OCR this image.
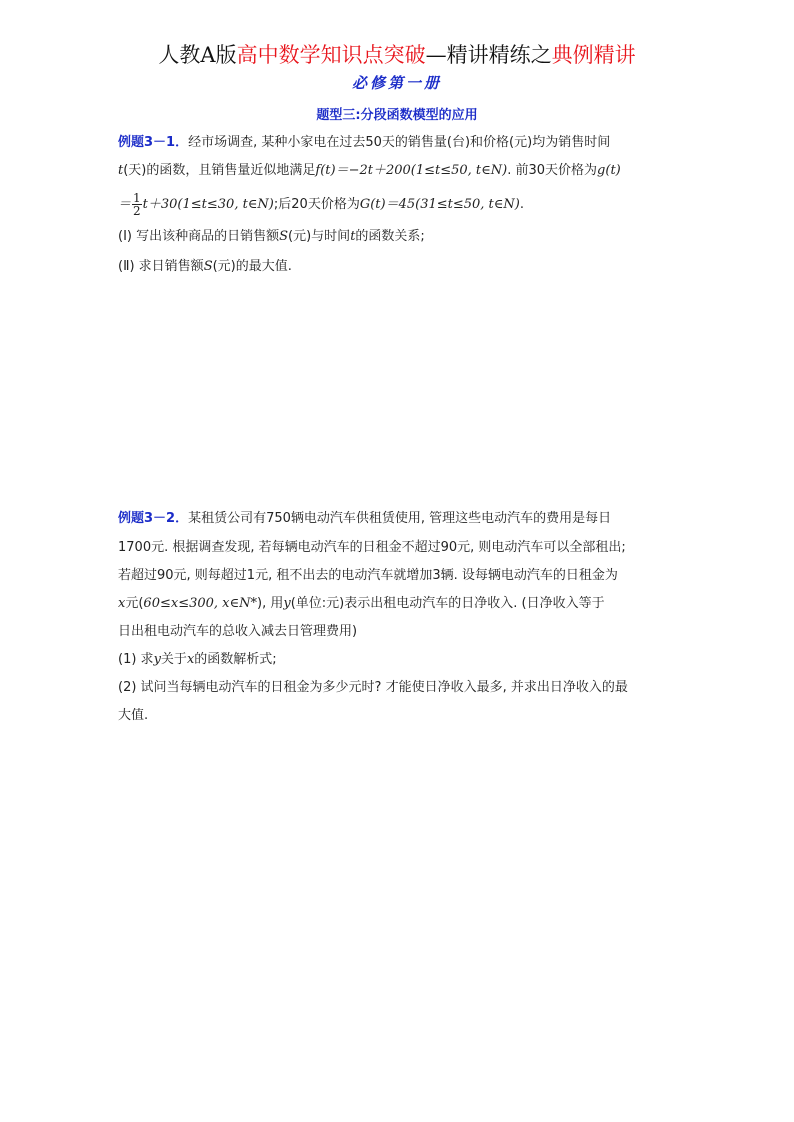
人教A版高中数学知识点突破—精讲精练之典例精讲
必修第一册
题型三:分段函数模型的应用
例题3－1．经市场调查, 某种小家电在过去50天的销售量(台)和价格(元)均为销售时间
t(天)的函数，且销售量近似地满足f(t)＝−2t＋200(1≤t≤50, t∈N). 前30天价格为g(t)
＝ $\frac{1}{2} t+30(1\le t\le 30$, t∈N);后20天价格为G(t)＝45(31≤t≤50, t∈N).
(Ⅰ) 写出该种商品的日销售额S(元)与时间t的函数关系;
(Ⅱ) 求日销售额S(元)的最大值.
例题3－2．某租赁公司有750辆电动汽车供租赁使用, 管理这些电动汽车的费用是每日
1700元. 根据调查发现, 若每辆电动汽车的日租金不超过90元, 则电动汽车可以全部租出;
若超过90元, 则每超过1元, 租不出去的电动汽车就增加3辆. 设每辆电动汽车的日租金为
x元(60≤x≤300, x∈N*), 用y(单位:元)表示出租电动汽车的日净收入. (日净收入等于
日出租电动汽车的总收入减去日管理费用)
(1) 求y关于x的函数解析式;
(2) 试问当每辆电动汽车的日租金为多少元时? 才能使日净收入最多, 并求出日净收入的最
大值.
